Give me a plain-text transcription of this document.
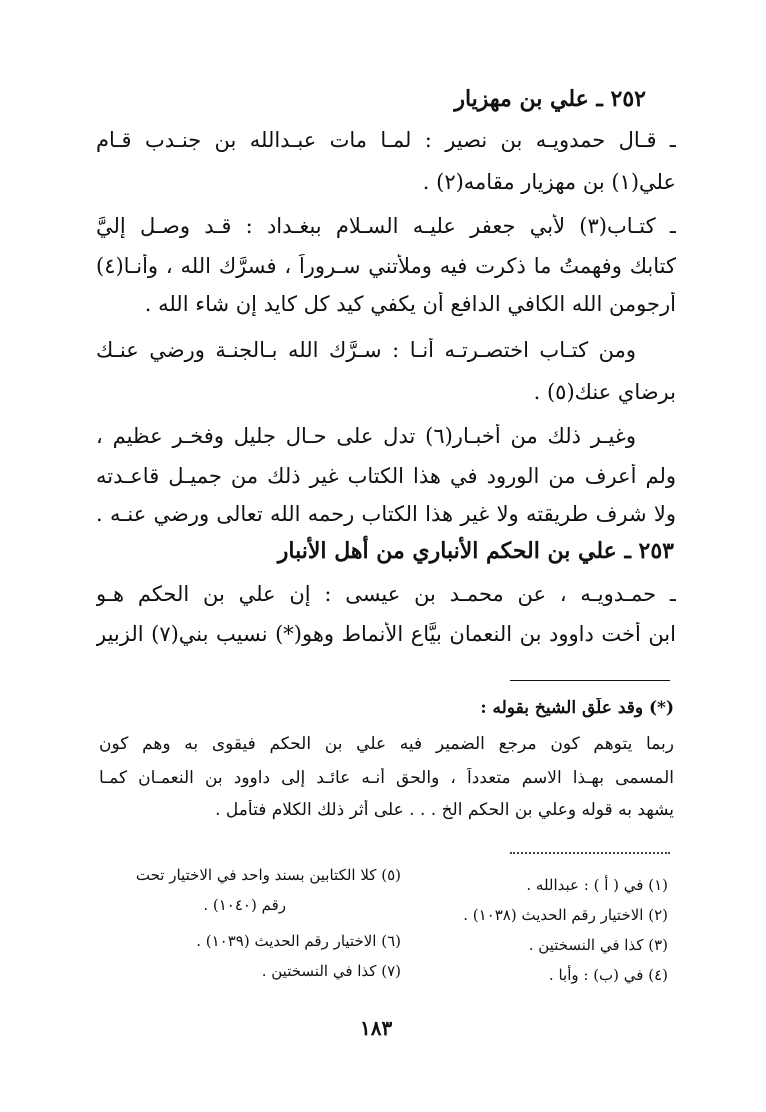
٢٥٢ ـ علي بن مهزيار
ـ قـال حمدويـه بن نصير : لمـا مات عبـدالله بن جنـدب قـام
علي(١) بن مهزيار مقامه(٢) .
ـ كتـاب(٣) لأبي جعفر عليـه السـلام ببغـداد : قـد وصـل إليَّ
كتابك وفهمتُ ما ذكرت فيه وملأتني سـروراً ، فسرَّك الله ، وأنـا(٤)
أرجومن الله الكافي الدافع أن يكفي كيد كل كايد إن شاء الله .
ومن كتـاب اختصـرتـه أنـا : سـرَّك الله بـالجنـة ورضي عنـك
برضاي عنك(٥) .
وغيـر ذلك من أخبـار(٦) تدل على حـال جليل وفخـر عظيم ،
ولم أعرف من الورود في هذا الكتاب غير ذلك من جميـل قاعـدته
ولا شرف طريقته ولا غير هذا الكتاب رحمه الله تعالى ورضي عنـه .
٢٥٣ ـ علي بن الحكم الأنباري من أهل الأنبار
ـ حمـدويـه ، عن محمـد بن عيسى : إن علي بن الحكم هـو
ابن أُخت داوود بن النعمان بيَّاع الأنماط وهو(*) نسيب بني(٧) الزبير
(*) وقد علّق الشيخ بقوله :
ربما يتوهم كون مرجع الضمير فيه علي بن الحكم فيقوى به وهم كون
المسمى بهـذا الاسم متعدداً ، والحق أنـه عائـد إلى داوود بن النعمـان كمـا
يشهد به قوله وعلي بن الحكم الخ . . . على أثر ذلك الكلام فتأمل .
(١) في ( أ ) : عبدالله .
(٢) الاختيار رقم الحديث (١٠٣٨) .
(٣) كذا في النسختين .
(٤) في (ب) : وأبا .
(٥) كلا الكتابين بسند واحد في الاختيار تحت
رقم (١٠٤٠) .
(٦) الاختيار رقم الحديث (١٠٣٩) .
(٧) كذا في النسختين .
١٨٣
